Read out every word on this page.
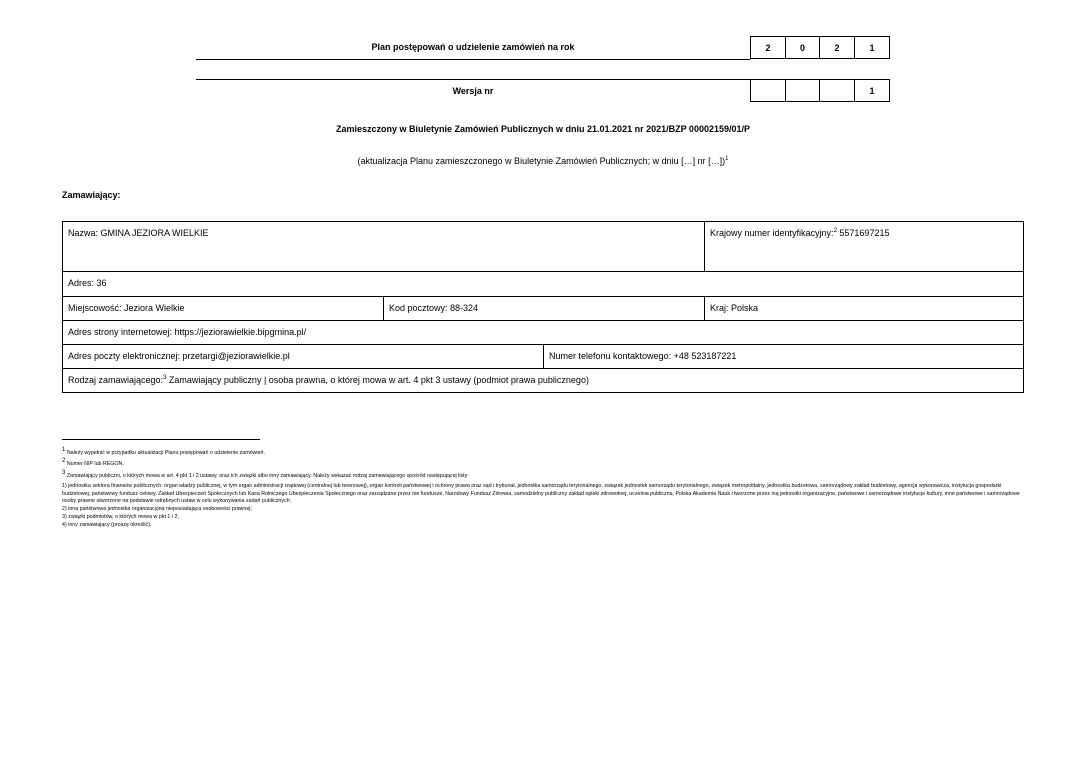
Plan postępowań o udzielenie zamówień na rok	2	0	2	1
Wersja nr	1
Zamieszczony w Biuletynie Zamówień Publicznych w dniu 21.01.2021 nr 2021/BZP 00002159/01/P
(aktualizacja Planu zamieszczonego w Biuletynie Zamówień Publicznych; w dniu […] nr […])$^1$
Zamawiający:
Nazwa: GMINA JEZIORA WIELKIE	Krajowy numer identyfikacyjny:$^2$ 5571697215
Adres: 36
Miejscowość: Jeziora Wielkie	Kod pocztowy: 88-324	Kraj: Polska
Adres strony internetowej: https://jeziorawielkie.bipgmina.pl/
Adres poczty elektronicznej: przetargi@jeziorawielkie.pl	Numer telefonu kontaktowego: +48 523187221
Rodzaj zamawiającego:$^3$ Zamawiający publiczny | osoba prawna, o której mowa w art. 4 pkt 3 ustawy (podmiot prawa publicznego)
$^1$ Należy wypełnić w przypadku aktualizacji Planu postępowań o udzielenie zamówień.
$^2$ Numer NIP lub REGON.
$^3$ Zamawiający publiczni, o których mowa w art. 4 pkt 1 i 2 ustawy, oraz ich związki albo inny zamawiający. Należy wskazać rodzaj zamawiającego spośród następującej listy:
1) jednostka sektora finansów publicznych: organ władzy publicznej, w tym organ administracji rządowej (centralnej lub terenowej), organ kontroli państwowej i ochrony prawa oraz sąd i trybunał, jednostka samorządu terytorialnego, związek jednostek samorządu terytorialnego, związek metropolitalny, jednostka budżetowa, samorządowy zakład budżetowy, agencja wykonawcza, instytucja gospodarki budżetowej, państwowy fundusz celowy, Zakład Ubezpieczeń Społecznych lub Kasa Rolniczego Ubezpieczenia Społecznego oraz zarządzane przez nie fundusze, Narodowy Fundusz Zdrowia, samodzielny publiczny zakład opieki zdrowotnej, uczelnia publiczna, Polska Akademia Nauk i tworzone przez nią jednostki organizacyjne, państwowe i samorządowe instytucje kultury, inne państwowe i samorządowe osoby prawne utworzone na podstawie odrębnych ustaw w celu wykonywania zadań publicznych;
2) inna państwowa jednostka organizacyjna nieposiadająca osobowości prawnej;
3) związki podmiotów, o których mowa w pkt 1 i 2;
4) inny zamawiający (proszę określić).
